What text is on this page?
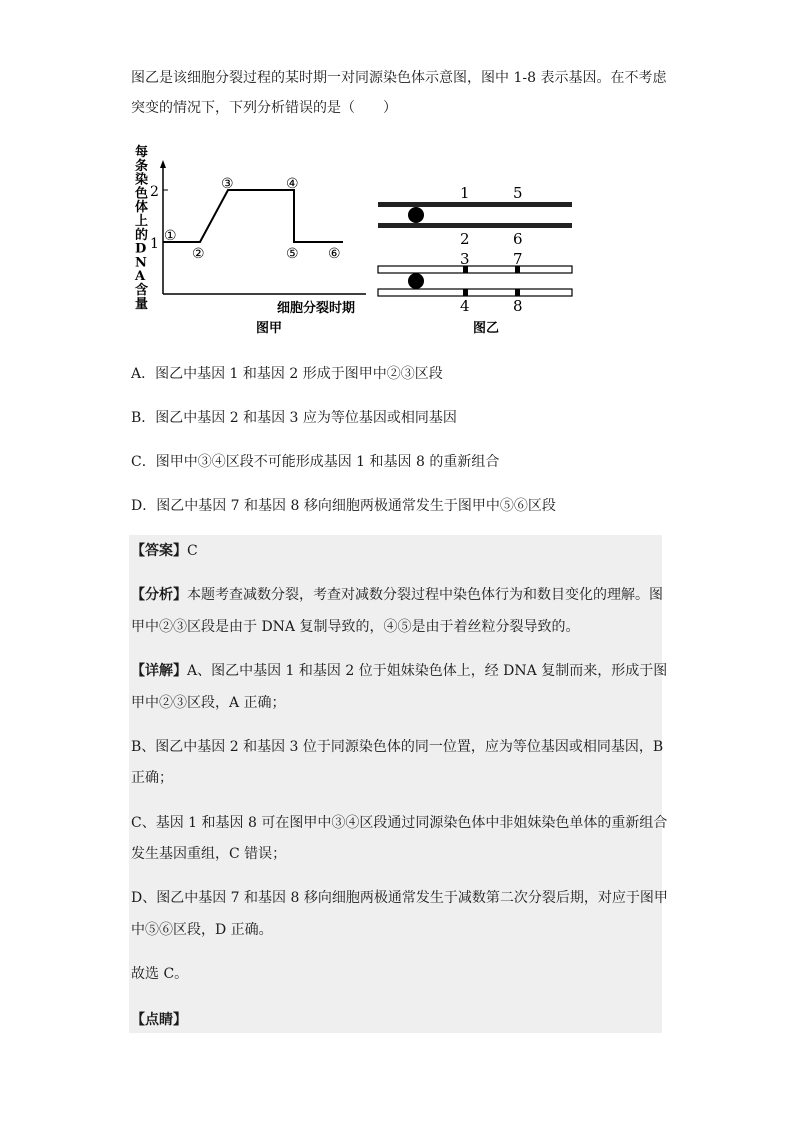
图乙是该细胞分裂过程的某时期一对同源染色体示意图，图中 1-8 表示基因。在不考虑
突变的情况下，下列分析错误的是（　　）
每
条
染
色
体
上
的
D
N
A
含
量
2
1 ①
②
③	④
⑤ ⑥
细胞分裂时期
图甲
1	5
2	6
3	7
4	8
图乙
A．图乙中基因 1 和基因 2 形成于图甲中②③区段
B．图乙中基因 2 和基因 3 应为等位基因或相同基因
C．图甲中③④区段不可能形成基因 1 和基因 8 的重新组合
D．图乙中基因 7 和基因 8 移向细胞两极通常发生于图甲中⑤⑥区段
【答案】C
【分析】本题考查减数分裂，考查对减数分裂过程中染色体行为和数目变化的理解。图
甲中②③区段是由于 DNA 复制导致的，④⑤是由于着丝粒分裂导致的。
【详解】A、图乙中基因 1 和基因 2 位于姐妹染色体上，经 DNA 复制而来，形成于图
甲中②③区段，A 正确；
B、图乙中基因 2 和基因 3 位于同源染色体的同一位置，应为等位基因或相同基因，B
正确；
C、基因 1 和基因 8 可在图甲中③④区段通过同源染色体中非姐妹染色单体的重新组合
发生基因重组，C 错误；
D、图乙中基因 7 和基因 8 移向细胞两极通常发生于减数第二次分裂后期，对应于图甲
中⑤⑥区段，D 正确。
故选 C。
【点睛】
